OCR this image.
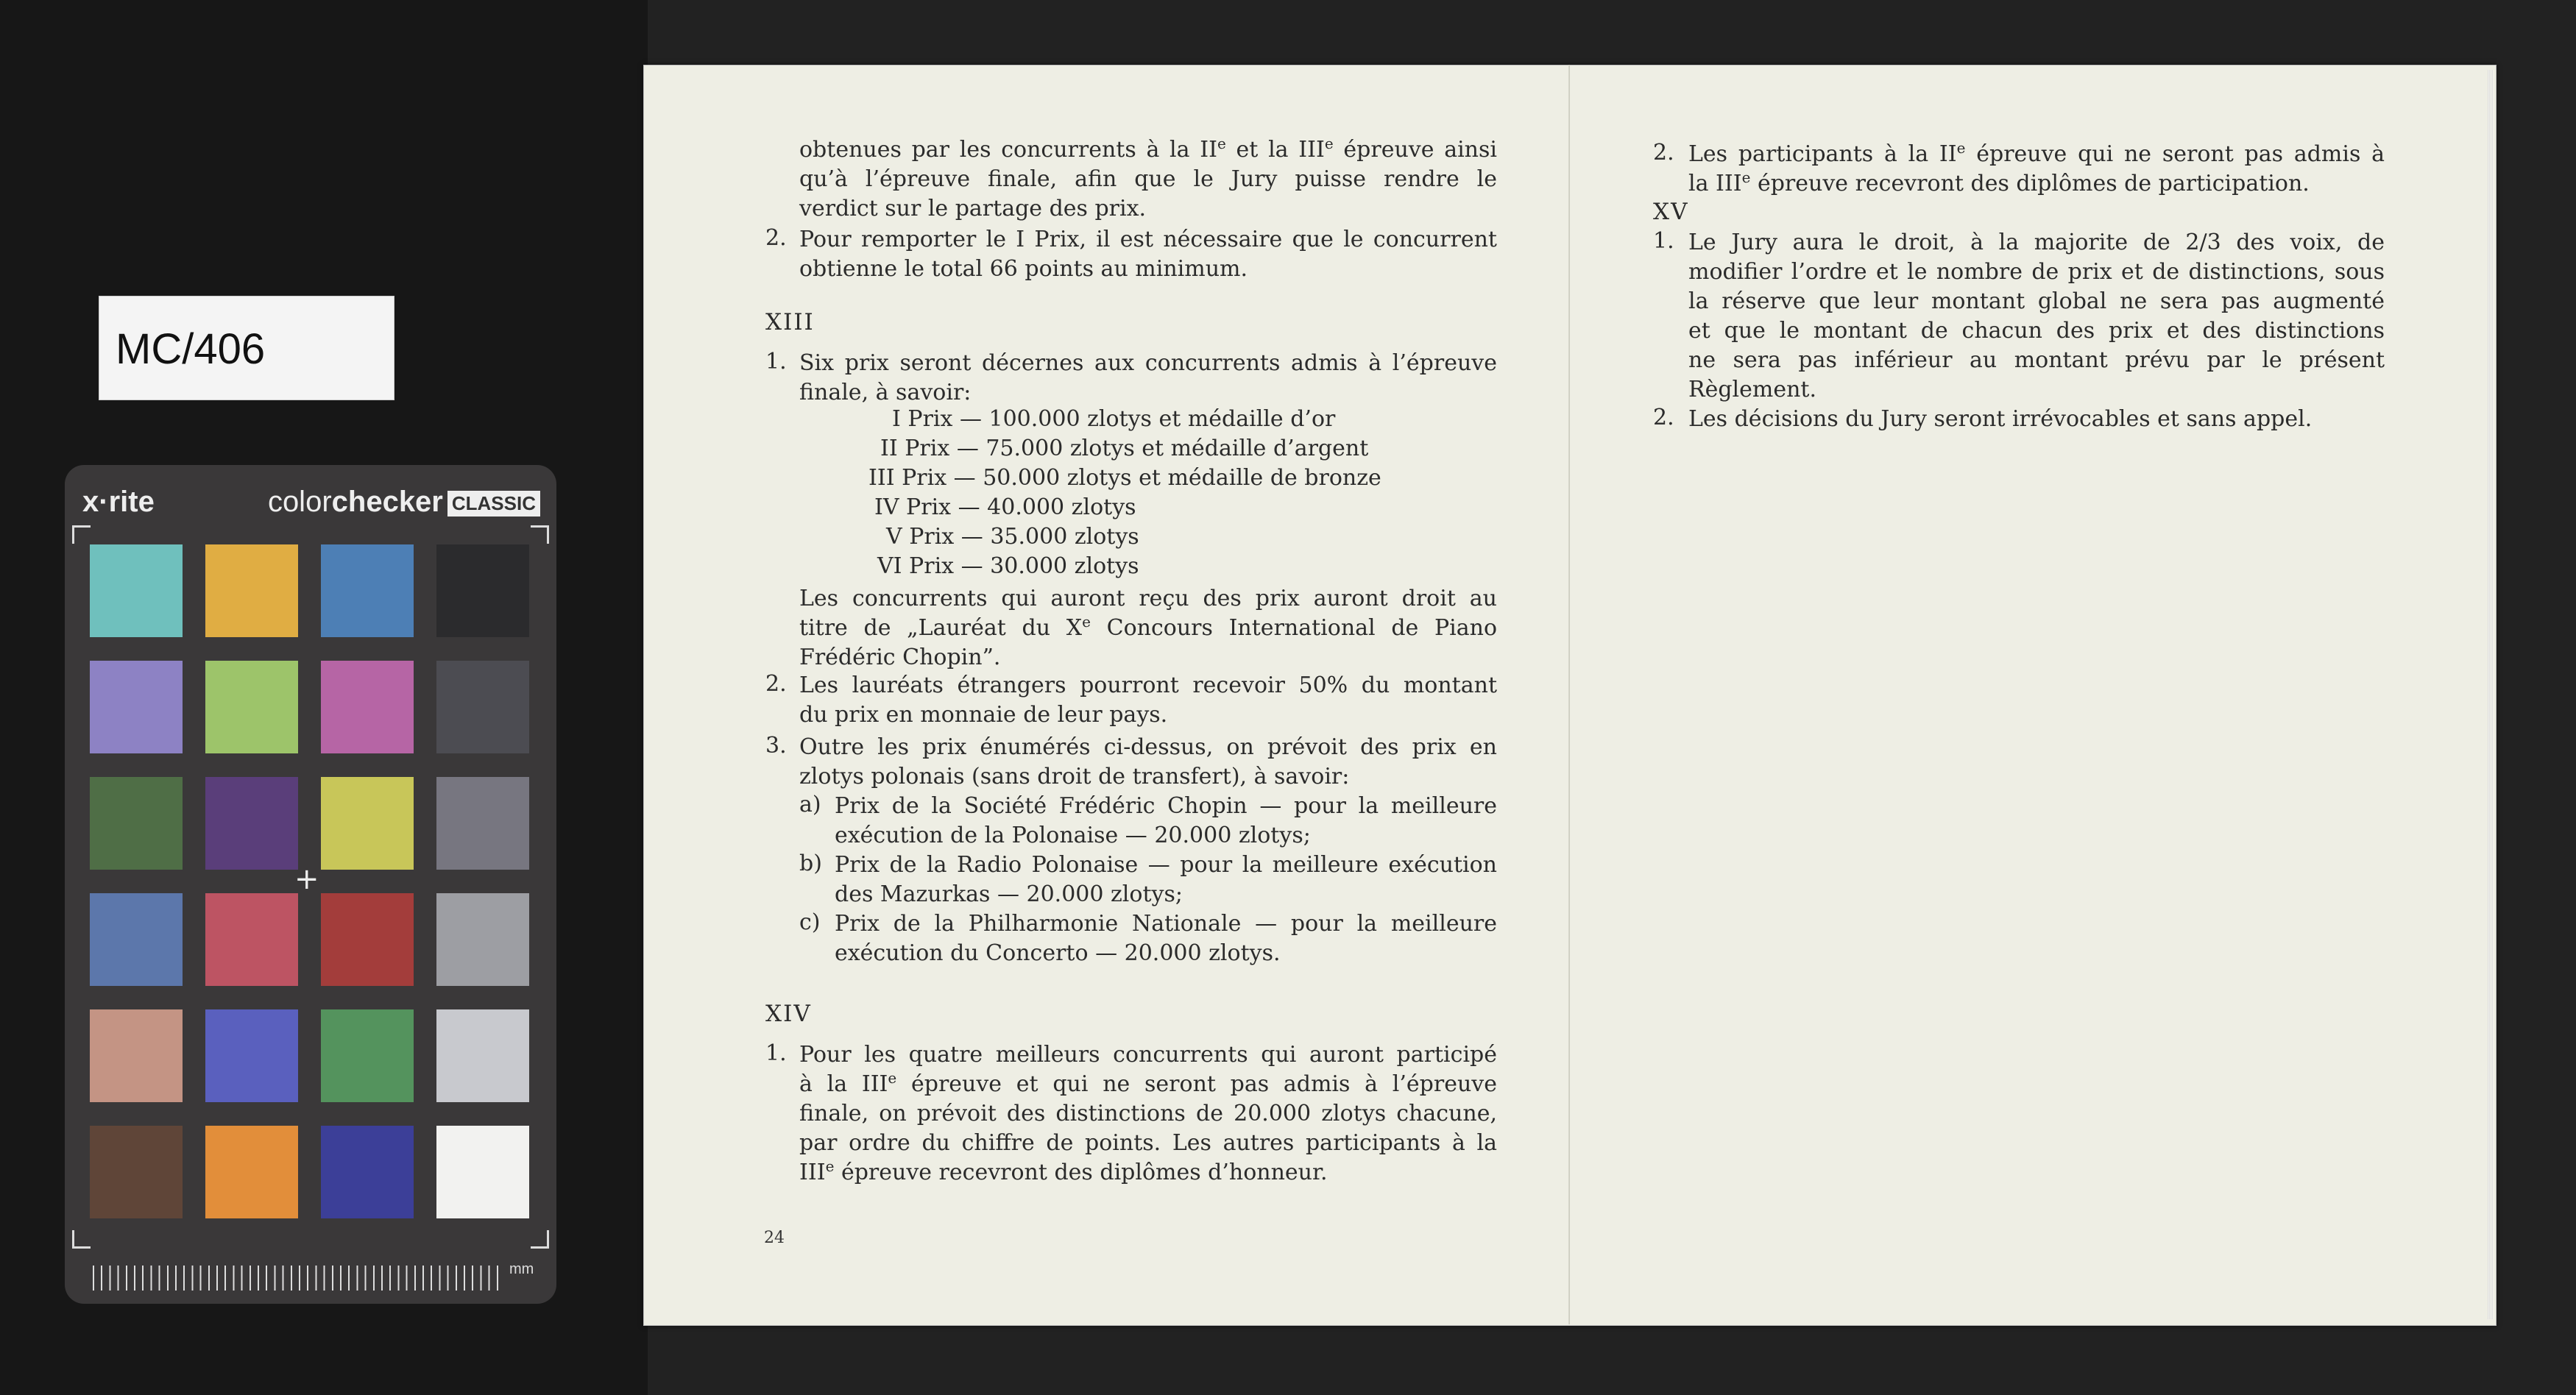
MC/406
x·rite	colorchecker CLASSIC
+
mm
obtenues par les concurrents à la IIe et la IIIe épreuve ainsi
qu’à l’épreuve finale, afin que le Jury puisse rendre le
verdict sur le partage des prix.
2. Pour remporter le I Prix, il est nécessaire que le concurrent
obtienne le total 66 points au minimum.
XIII
1. Six prix seront décernes aux concurrents admis à l’épreuve
finale, à savoir:
I Prix — 100.000 zlotys et médaille d’or
II Prix — 75.000 zlotys et médaille d’argent
III Prix — 50.000 zlotys et médaille de bronze
IV Prix — 40.000 zlotys
V Prix — 35.000 zlotys
VI Prix — 30.000 zlotys
Les concurrents qui auront reçu des prix auront droit au
titre de „Lauréat du Xe Concours International de Piano
Frédéric Chopin”.
2. Les lauréats étrangers pourront recevoir 50% du montant
du prix en monnaie de leur pays.
3. Outre les prix énumérés ci-dessus, on prévoit des prix en
zlotys polonais (sans droit de transfert), à savoir:
a) Prix de la Société Frédéric Chopin — pour la meilleure
exécution de la Polonaise — 20.000 zlotys;
b) Prix de la Radio Polonaise — pour la meilleure exécution
des Mazurkas — 20.000 zlotys;
c) Prix de la Philharmonie Nationale — pour la meilleure
exécution du Concerto — 20.000 zlotys.
XIV
1. Pour les quatre meilleurs concurrents qui auront participé
à la IIIe épreuve et qui ne seront pas admis à l’épreuve
finale, on prévoit des distinctions de 20.000 zlotys chacune,
par ordre du chiffre de points. Les autres participants à la
IIIe épreuve recevront des diplômes d’honneur.
24
2. Les participants à la IIe épreuve qui ne seront pas admis à
la IIIe épreuve recevront des diplômes de participation.
XV
1. Le Jury aura le droit, à la majorite de 2/3 des voix, de
modifier l’ordre et le nombre de prix et de distinctions, sous
la réserve que leur montant global ne sera pas augmenté
et que le montant de chacun des prix et des distinctions
ne sera pas inférieur au montant prévu par le présent
Règlement.
2. Les décisions du Jury seront irrévocables et sans appel.
